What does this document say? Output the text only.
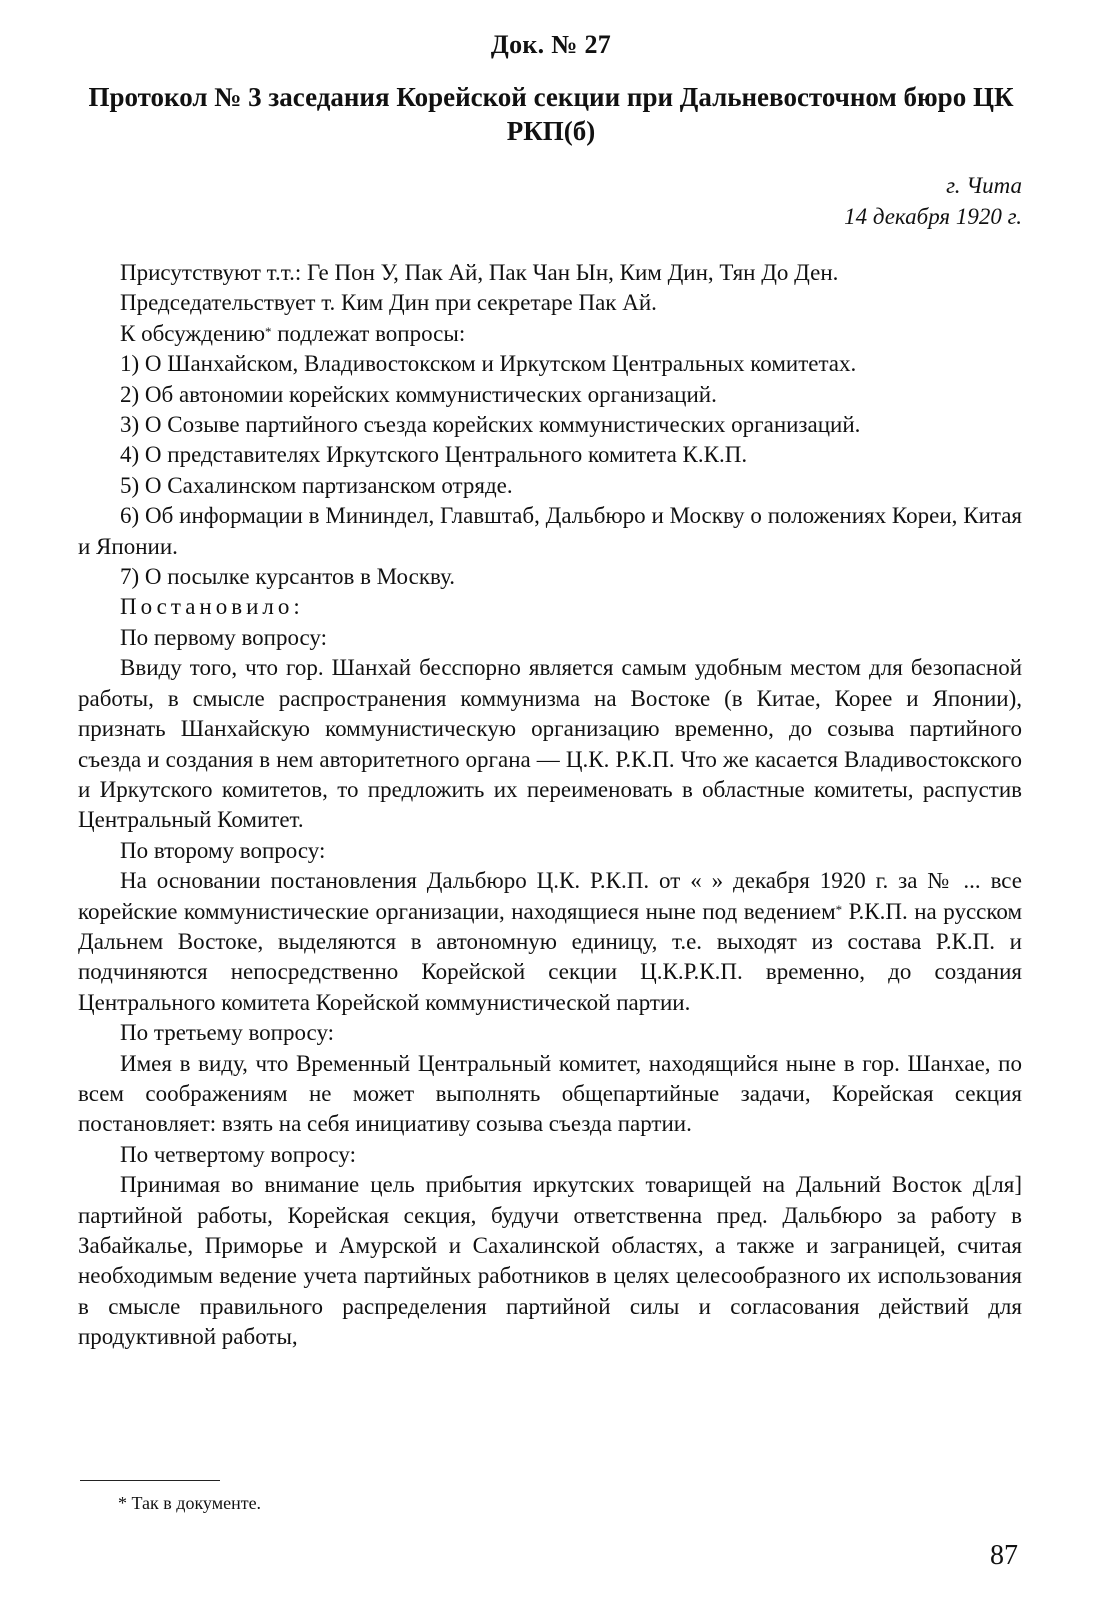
Док. № 27
Протокол № 3 заседания Корейской секции при Дальневосточном бюро ЦК РКП(б)
г. Чита
14 декабря 1920 г.

Присутствуют т.т.: Ге Пон У, Пак Ай, Пак Чан Ын, Ким Дин, Тян До Ден.

Председательствует т. Ким Дин при секретаре Пак Ай.

К обсуждению* подлежат вопросы:

1) О Шанхайском, Владивостокском и Иркутском Центральных комитетах.

2) Об автономии корейских коммунистических организаций.

3) О Созыве партийного съезда корейских коммунистических организаций.

4) О представителях Иркутского Центрального комитета К.К.П.

5) О Сахалинском партизанском отряде.

6) Об информации в Мининдел, Главштаб, Дальбюро и Москву о положениях Кореи, Китая и Японии.

7) О посылке курсантов в Москву.

Постановило:

По первому вопросу:

Ввиду того, что гор. Шанхай бесспорно является самым удобным местом для безопасной работы, в смысле распространения коммунизма на Востоке (в Китае, Корее и Японии), признать Шанхайскую коммунистическую организацию временно, до созыва партийного съезда и создания в нем авторитетного органа — Ц.К. Р.К.П. Что же касается Владивостокского и Иркутского комитетов, то предложить их переименовать в областные комитеты, распустив Центральный Комитет.

По второму вопросу:

На основании постановления Дальбюро Ц.К. Р.К.П. от « » декабря 1920 г. за № ... все корейские коммунистические организации, находящиеся ныне под ведением* Р.К.П. на русском Дальнем Востоке, выделяются в автономную единицу, т.е. выходят из состава Р.К.П. и подчиняются непосредственно Корейской секции Ц.К.Р.К.П. временно, до создания Центрального комитета Корейской коммунистической партии.

По третьему вопросу:

Имея в виду, что Временный Центральный комитет, находящийся ныне в гор. Шанхае, по всем соображениям не может выполнять общепартийные задачи, Корейская секция постановляет: взять на себя инициативу созыва съезда партии.

По четвертому вопросу:

Принимая во внимание цель прибытия иркутских товарищей на Дальний Восток д[ля] партийной работы, Корейская секция, будучи ответственна пред. Дальбюро за работу в Забайкалье, Приморье и Амурской и Сахалинской областях, а также и заграницей, считая необходимым ведение учета партийных работников в целях целесообразного их использования в смысле правильного распределения партийной силы и согласования действий для продуктивной работы,

* Так в документе.
87
